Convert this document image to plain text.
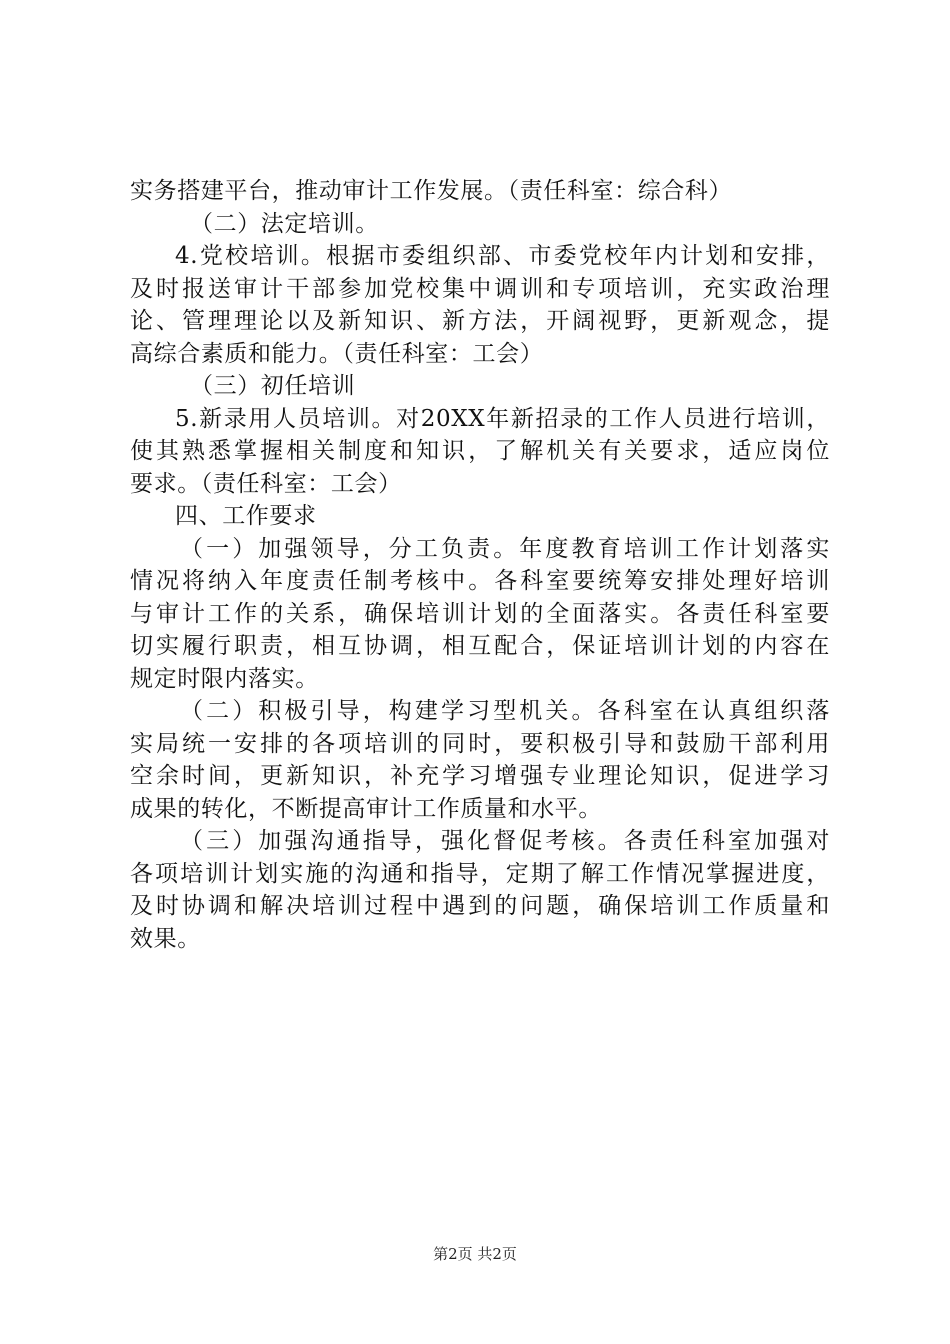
实务搭建平台，推动审计工作发展。（责任科室：综合科）
（二）法定培训。
4.党校培训。根据市委组织部、市委党校年内计划和安排，
及时报送审计干部参加党校集中调训和专项培训，充实政治理
论、管理理论以及新知识、新方法，开阔视野，更新观念，提
高综合素质和能力。（责任科室：工会）
（三）初任培训
5.新录用人员培训。对20XX年新招录的工作人员进行培训，
使其熟悉掌握相关制度和知识，了解机关有关要求，适应岗位
要求。（责任科室：工会）
四、工作要求
（一）加强领导，分工负责。年度教育培训工作计划落实
情况将纳入年度责任制考核中。各科室要统筹安排处理好培训
与审计工作的关系，确保培训计划的全面落实。各责任科室要
切实履行职责，相互协调，相互配合，保证培训计划的内容在
规定时限内落实。
（二）积极引导，构建学习型机关。各科室在认真组织落
实局统一安排的各项培训的同时，要积极引导和鼓励干部利用
空余时间，更新知识，补充学习增强专业理论知识，促进学习
成果的转化，不断提高审计工作质量和水平。
（三）加强沟通指导，强化督促考核。各责任科室加强对
各项培训计划实施的沟通和指导，定期了解工作情况掌握进度，
及时协调和解决培训过程中遇到的问题，确保培训工作质量和
效果。
第2页 共2页
